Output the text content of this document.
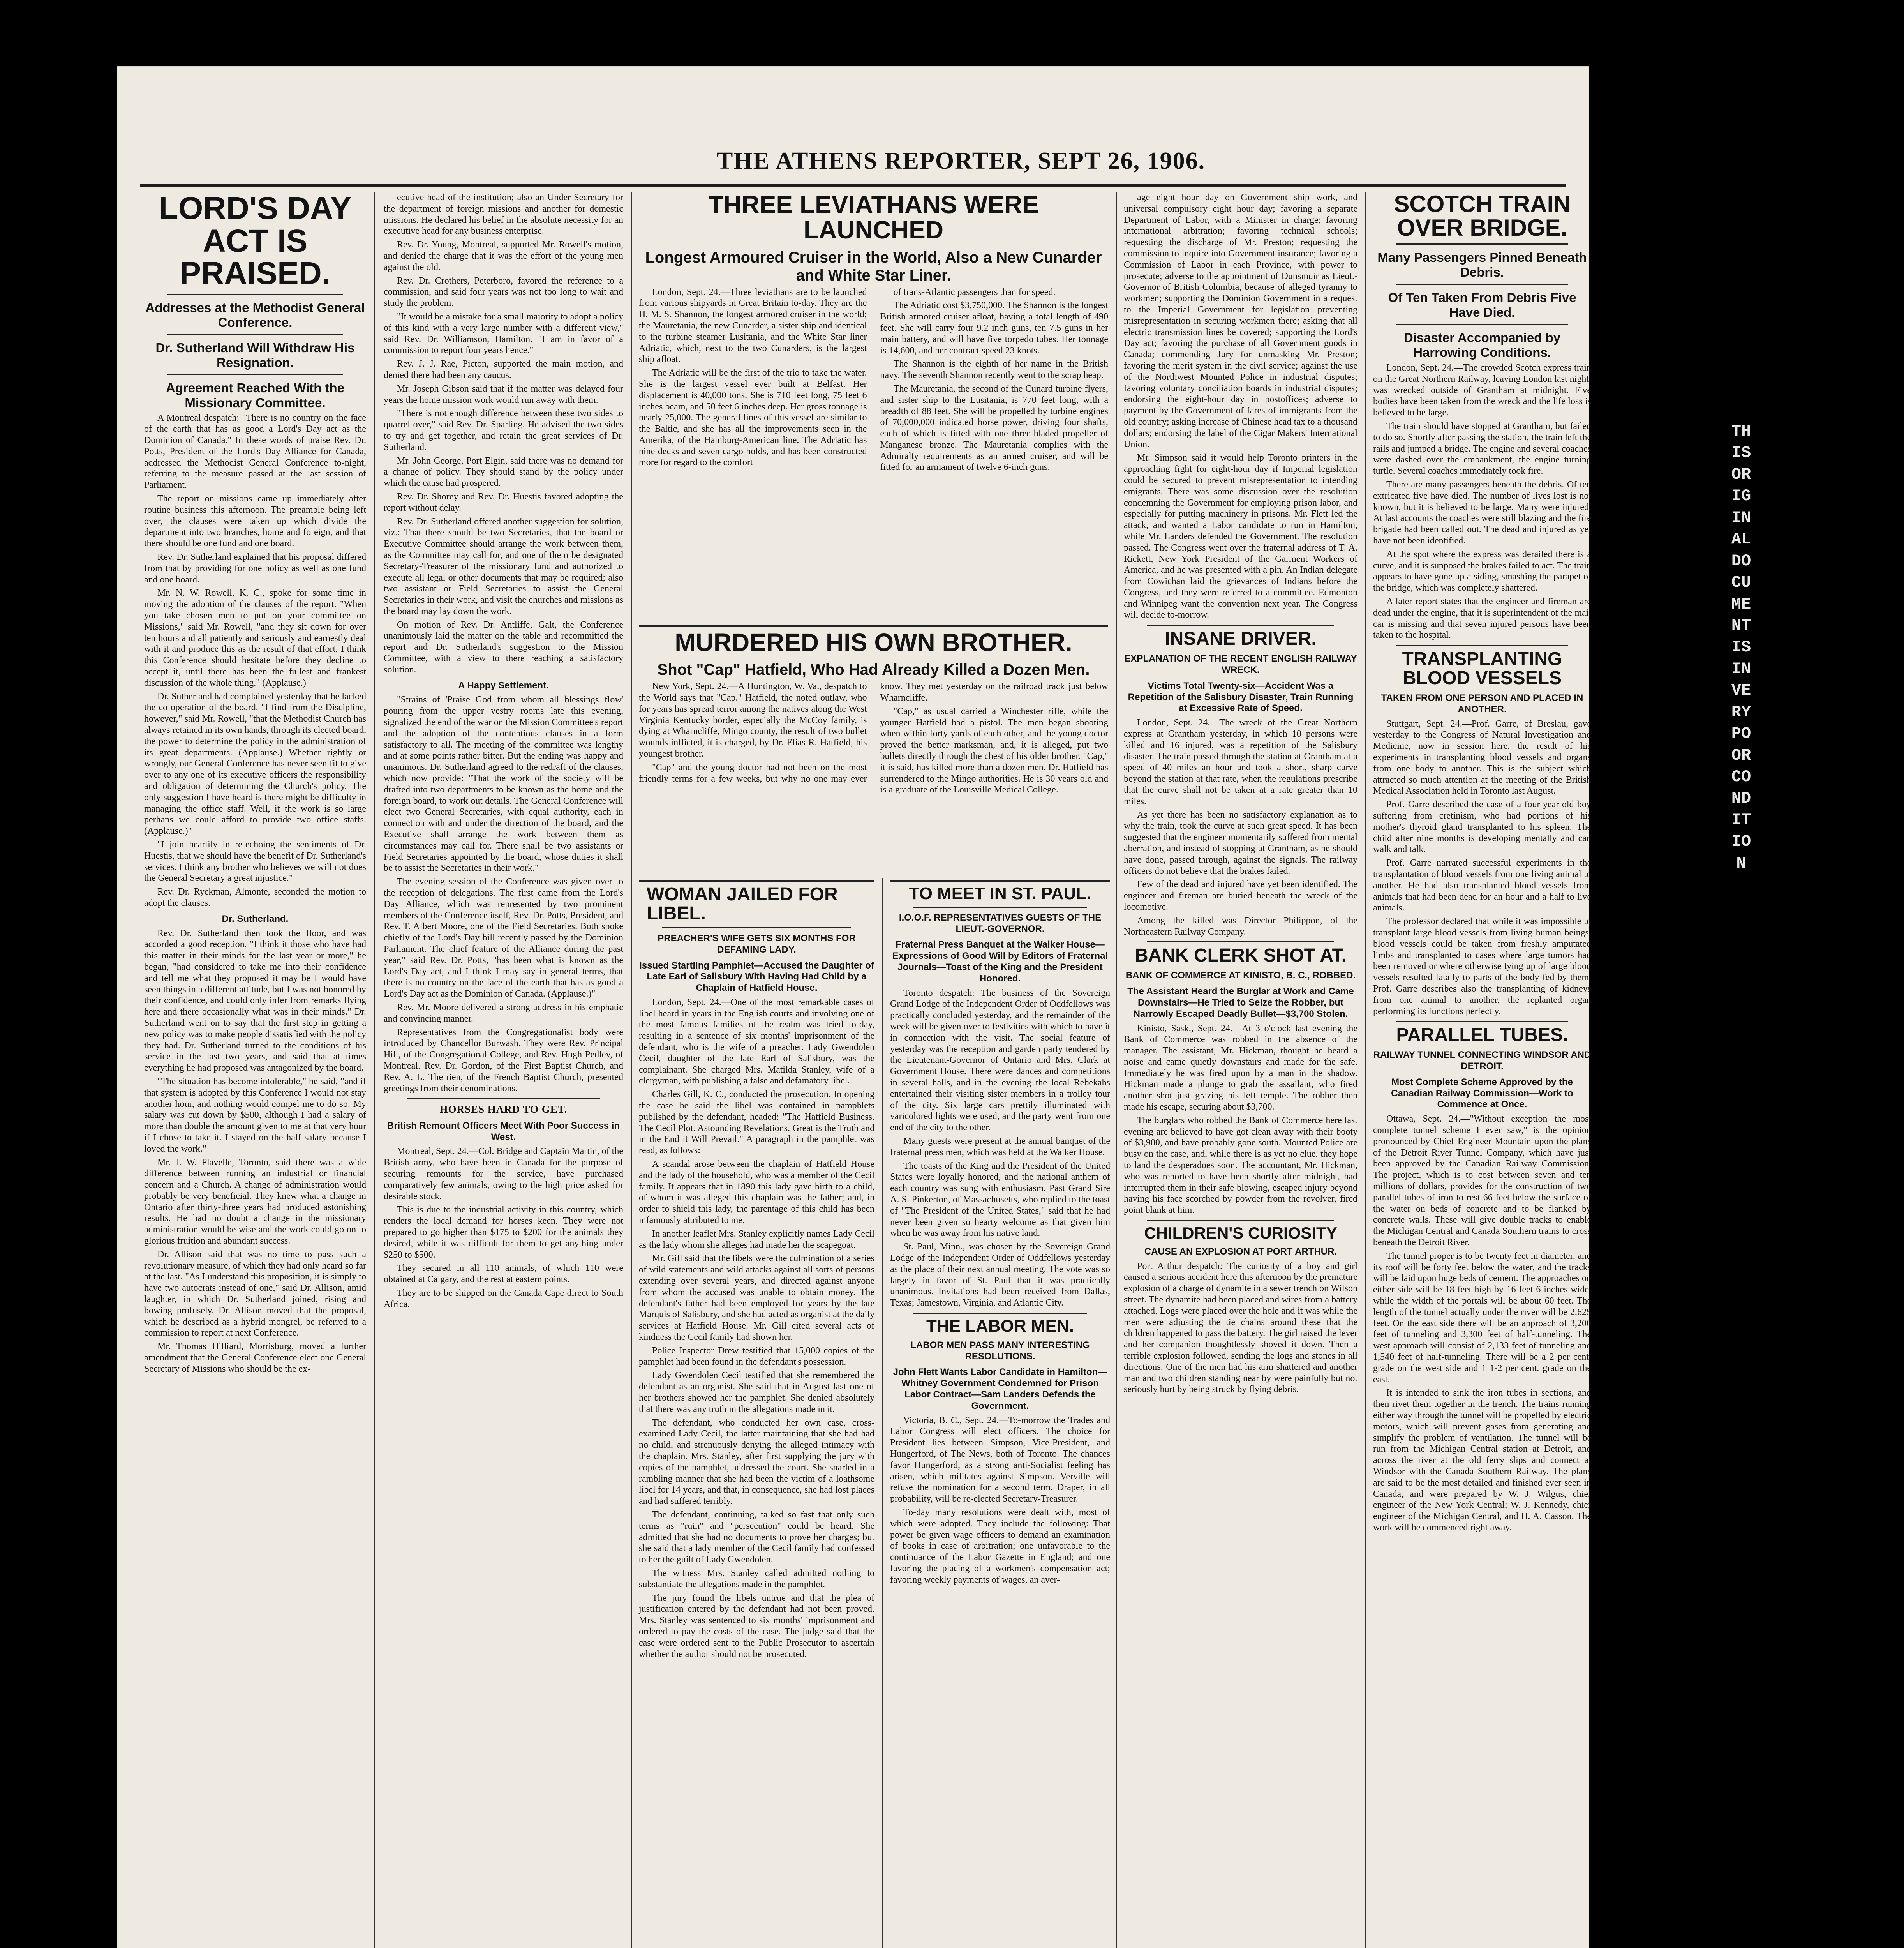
THE ATHENS REPORTER, SEPT 26, 1906.
LORD'S DAY ACT IS PRAISED.
Addresses at the Methodist General Conference.
Dr. Sutherland Will Withdraw His Resignation.
Agreement Reached With the Missionary Committee.

A Montreal despatch: "There is no country on the face of the earth that has as good a Lord's Day act as the Dominion of Canada." In these words of praise Rev. Dr. Potts, President of the Lord's Day Alliance for Canada, addressed the Methodist General Conference to-night, referring to the measure passed at the last session of Parliament.

The report on missions came up immediately after routine business this afternoon. The preamble being left over, the clauses were taken up which divide the department into two branches, home and foreign, and that there should be one fund and one board.

Rev. Dr. Sutherland explained that his proposal differed from that by providing for one policy as well as one fund and one board.

Mr. N. W. Rowell, K. C., spoke for some time in moving the adoption of the clauses of the report. "When you take chosen men to put on your committee on Missions," said Mr. Rowell, "and they sit down for over ten hours and all patiently and seriously and earnestly deal with it and produce this as the result of that effort, I think this Conference should hesitate before they decline to accept it, until there has been the fullest and frankest discussion of the whole thing." (Applause.)

Dr. Sutherland had complained yesterday that he lacked the co-operation of the board. "I find from the Discipline, however," said Mr. Rowell, "that the Methodist Church has always retained in its own hands, through its elected board, the power to determine the policy in the administration of its great departments. (Applause.) Whether rightly or wrongly, our General Conference has never seen fit to give over to any one of its executive officers the responsibility and obligation of determining the Church's policy. The only suggestion I have heard is there might be difficulty in managing the office staff. Well, if the work is so large perhaps we could afford to provide two office staffs. (Applause.)"

"I join heartily in re-echoing the sentiments of Dr. Huestis, that we should have the benefit of Dr. Sutherland's services. I think any brother who believes we will not does the General Secretary a great injustice."

Rev. Dr. Ryckman, Almonte, seconded the motion to adopt the clauses.

Dr. Sutherland.

Rev. Dr. Sutherland then took the floor, and was accorded a good reception. "I think it those who have had this matter in their minds for the last year or more," he began, "had considered to take me into their confidence and tell me what they proposed it may be I would have seen things in a different attitude, but I was not honored by their confidence, and could only infer from remarks flying here and there occasionally what was in their minds." Dr. Sutherland went on to say that the first step in getting a new policy was to make people dissatisfied with the policy they had. Dr. Sutherland turned to the conditions of his service in the last two years, and said that at times everything he had proposed was antagonized by the board.

"The situation has become intolerable," he said, "and if that system is adopted by this Conference I would not stay another hour, and nothing would compel me to do so. My salary was cut down by $500, although I had a salary of more than double the amount given to me at that very hour if I chose to take it. I stayed on the half salary because I loved the work."

Mr. J. W. Flavelle, Toronto, said there was a wide difference between running an industrial or financial concern and a Church. A change of administration would probably be very beneficial. They knew what a change in Ontario after thirty-three years had produced astonishing results. He had no doubt a change in the missionary administration would be wise and the work could go on to glorious fruition and abundant success.

Dr. Allison said that was no time to pass such a revolutionary measure, of which they had only heard so far at the last. "As I understand this proposition, it is simply to have two autocrats instead of one," said Dr. Allison, amid laughter, in which Dr. Sutherland joined, rising and bowing profusely. Dr. Allison moved that the proposal, which he described as a hybrid mongrel, be referred to a commission to report at next Conference.

Mr. Thomas Hilliard, Morrisburg, moved a further amendment that the General Conference elect one General Secretary of Missions who should be the ex-

ecutive head of the institution; also an Under Secretary for the department of foreign missions and another for domestic missions. He declared his belief in the absolute necessity for an executive head for any business enterprise.

Rev. Dr. Young, Montreal, supported Mr. Rowell's motion, and denied the charge that it was the effort of the young men against the old.

Rev. Dr. Crothers, Peterboro, favored the reference to a commission, and said four years was not too long to wait and study the problem.

"It would be a mistake for a small majority to adopt a policy of this kind with a very large number with a different view," said Rev. Dr. Williamson, Hamilton. "I am in favor of a commission to report four years hence."

Rev. J. J. Rae, Picton, supported the main motion, and denied there had been any caucus.

Mr. Joseph Gibson said that if the matter was delayed four years the home mission work would run away with them.

"There is not enough difference between these two sides to quarrel over," said Rev. Dr. Sparling. He advised the two sides to try and get together, and retain the great services of Dr. Sutherland.

Mr. John George, Port Elgin, said there was no demand for a change of policy. They should stand by the policy under which the cause had prospered.

Rev. Dr. Shorey and Rev. Dr. Huestis favored adopting the report without delay.

Rev. Dr. Sutherland offered another suggestion for solution, viz.: That there should be two Secretaries, that the board or Executive Committee should arrange the work between them, as the Committee may call for, and one of them be designated Secretary-Treasurer of the missionary fund and authorized to execute all legal or other documents that may be required; also two assistant or Field Secretaries to assist the General Secretaries in their work, and visit the churches and missions as the board may lay down the work.

On motion of Rev. Dr. Antliffe, Galt, the Conference unanimously laid the matter on the table and recommitted the report and Dr. Sutherland's suggestion to the Mission Committee, with a view to there reaching a satisfactory solution.

A Happy Settlement.

"Strains of 'Praise God from whom all blessings flow' pouring from the upper vestry rooms late this evening, signalized the end of the war on the Mission Committee's report and the adoption of the contentious clauses in a form satisfactory to all. The meeting of the committee was lengthy and at some points rather bitter. But the ending was happy and unanimous. Dr. Sutherland agreed to the redraft of the clauses, which now provide: "That the work of the society will be drafted into two departments to be known as the home and the foreign board, to work out details. The General Conference will elect two General Secretaries, with equal authority, each in connection with and under the direction of the board, and the Executive shall arrange the work between them as circumstances may call for. There shall be two assistants or Field Secretaries appointed by the board, whose duties it shall be to assist the Secretaries in their work."

The evening session of the Conference was given over to the reception of delegations. The first came from the Lord's Day Alliance, which was represented by two prominent members of the Conference itself, Rev. Dr. Potts, President, and Rev. T. Albert Moore, one of the Field Secretaries. Both spoke chiefly of the Lord's Day bill recently passed by the Dominion Parliament. The chief feature of the Alliance during the past year," said Rev. Dr. Potts, "has been what is known as the Lord's Day act, and I think I may say in general terms, that there is no country on the face of the earth that has as good a Lord's Day act as the Dominion of Canada. (Applause.)"

Rev. Mr. Moore delivered a strong address in his emphatic and convincing manner.

Representatives from the Congregationalist body were introduced by Chancellor Burwash. They were Rev. Principal Hill, of the Congregational College, and Rev. Hugh Pedley, of Montreal. Rev. Dr. Gordon, of the First Baptist Church, and Rev. A. L. Therrien, of the French Baptist Church, presented greetings from their denominations.

HORSES HARD TO GET.

British Remount Officers Meet With Poor Success in West.

Montreal, Sept. 24.—Col. Bridge and Captain Martin, of the British army, who have been in Canada for the purpose of securing remounts for the service, have purchased comparatively few animals, owing to the high price asked for desirable stock.

This is due to the industrial activity in this country, which renders the local demand for horses keen. They were not prepared to go higher than $175 to $200 for the animals they desired, while it was difficult for them to get anything under $250 to $500.

They secured in all 110 animals, of which 110 were obtained at Calgary, and the rest at eastern points.

They are to be shipped on the Canada Cape direct to South Africa.

THREE LEVIATHANS WERE LAUNCHED
Longest Armoured Cruiser in the World, Also a New Cunarder and White Star Liner.

London, Sept. 24.—Three leviathans are to be launched from various shipyards in Great Britain to-day. They are the H. M. S. Shannon, the longest armored cruiser in the world; the Mauretania, the new Cunarder, a sister ship and identical to the turbine steamer Lusitania, and the White Star liner Adriatic, which, next to the two Cunarders, is the largest ship afloat.

The Adriatic will be the first of the trio to take the water. She is the largest vessel ever built at Belfast. Her displacement is 40,000 tons. She is 710 feet long, 75 feet 6 inches beam, and 50 feet 6 inches deep. Her gross tonnage is nearly 25,000. The general lines of this vessel are similar to the Baltic, and she has all the improvements seen in the Amerika, of the Hamburg-American line. The Adriatic has nine decks and seven cargo holds, and has been constructed more for regard to the comfort

of trans-Atlantic passengers than for speed.

The Adriatic cost $3,750,000. The Shannon is the longest British armored cruiser afloat, having a total length of 490 feet. She will carry four 9.2 inch guns, ten 7.5 guns in her main battery, and will have five torpedo tubes. Her tonnage is 14,600, and her contract speed 23 knots.

The Shannon is the eighth of her name in the British navy. The seventh Shannon recently went to the scrap heap.

The Mauretania, the second of the Cunard turbine flyers, and sister ship to the Lusitania, is 770 feet long, with a breadth of 88 feet. She will be propelled by turbine engines of 70,000,000 indicated horse power, driving four shafts, each of which is fitted with one three-bladed propeller of Manganese bronze. The Mauretania complies with the Admiralty requirements as an armed cruiser, and will be fitted for an armament of twelve 6-inch guns.

MURDERED HIS OWN BROTHER.
Shot "Cap" Hatfield, Who Had Already Killed a Dozen Men.

New York, Sept. 24.—A Huntington, W. Va., despatch to the World says that "Cap." Hatfield, the noted outlaw, who for years has spread terror among the natives along the West Virginia Kentucky border, especially the McCoy family, is dying at Wharncliffe, Mingo county, the result of two bullet wounds inflicted, it is charged, by Dr. Elias R. Hatfield, his youngest brother.

"Cap" and the young doctor had not been on the most friendly terms for a few weeks, but why no one may ever know. They met yesterday on the railroad track just below Wharncliffe.

"Cap," as usual carried a Winchester rifle, while the younger Hatfield had a pistol. The men began shooting when within forty yards of each other, and the young doctor proved the better marksman, and, it is alleged, put two bullets directly through the chest of his older brother. "Cap," it is said, has killed more than a dozen men. Dr. Hatfield has surrendered to the Mingo authorities. He is 30 years old and is a graduate of the Louisville Medical College.

WOMAN JAILED FOR LIBEL.

PREACHER'S WIFE GETS SIX MONTHS FOR DEFAMING LADY.

Issued Startling Pamphlet—Accused the Daughter of Late Earl of Salisbury With Having Had Child by a Chaplain of Hatfield House.

London, Sept. 24.—One of the most remarkable cases of libel heard in years in the English courts and involving one of the most famous families of the realm was tried to-day, resulting in a sentence of six months' imprisonment of the defendant, who is the wife of a preacher. Lady Gwendolen Cecil, daughter of the late Earl of Salisbury, was the complainant. She charged Mrs. Matilda Stanley, wife of a clergyman, with publishing a false and defamatory libel.

Charles Gill, K. C., conducted the prosecution. In opening the case he said the libel was contained in pamphlets published by the defendant, headed: "The Hatfield Business. The Cecil Plot. Astounding Revelations. Great is the Truth and in the End it Will Prevail." A paragraph in the pamphlet was read, as follows:

A scandal arose between the chaplain of Hatfield House and the lady of the household, who was a member of the Cecil family. It appears that in 1890 this lady gave birth to a child, of whom it was alleged this chaplain was the father; and, in order to shield this lady, the parentage of this child has been infamously attributed to me.

In another leaflet Mrs. Stanley explicitly names Lady Cecil as the lady whom she alleges had made her the scapegoat.

Mr. Gill said that the libels were the culmination of a series of wild statements and wild attacks against all sorts of persons extending over several years, and directed against anyone from whom the accused was unable to obtain money. The defendant's father had been employed for years by the late Marquis of Salisbury, and she had acted as organist at the daily services at Hatfield House. Mr. Gill cited several acts of kindness the Cecil family had shown her.

Police Inspector Drew testified that 15,000 copies of the pamphlet had been found in the defendant's possession.

Lady Gwendolen Cecil testified that she remembered the defendant as an organist. She said that in August last one of her brothers showed her the pamphlet. She denied absolutely that there was any truth in the allegations made in it.

The defendant, who conducted her own case, cross-examined Lady Cecil, the latter maintaining that she had had no child, and strenuously denying the alleged intimacy with the chaplain. Mrs. Stanley, after first supplying the jury with copies of the pamphlet, addressed the court. She snarled in a rambling manner that she had been the victim of a loathsome libel for 14 years, and that, in consequence, she had lost places and had suffered terribly.

The defendant, continuing, talked so fast that only such terms as "ruin" and "persecution" could be heard. She admitted that she had no documents to prove her charges; but she said that a lady member of the Cecil family had confessed to her the guilt of Lady Gwendolen.

The witness Mrs. Stanley called admitted nothing to substantiate the allegations made in the pamphlet.

The jury found the libels untrue and that the plea of justification entered by the defendant had not been proved. Mrs. Stanley was sentenced to six months' imprisonment and ordered to pay the costs of the case. The judge said that the case were ordered sent to the Public Prosecutor to ascertain whether the author should not be prosecuted.

TO MEET IN ST. PAUL.

I.O.O.F. REPRESENTATIVES GUESTS OF THE LIEUT.-GOVERNOR.

Fraternal Press Banquet at the Walker House—Expressions of Good Will by Editors of Fraternal Journals—Toast of the King and the President Honored.

Toronto despatch: The business of the Sovereign Grand Lodge of the Independent Order of Oddfellows was practically concluded yesterday, and the remainder of the week will be given over to festivities with which to have it in connection with the visit. The social feature of yesterday was the reception and garden party tendered by the Lieutenant-Governor of Ontario and Mrs. Clark at Government House. There were dances and competitions in several halls, and in the evening the local Rebekahs entertained their visiting sister members in a trolley tour of the city. Six large cars prettily illuminated with varicolored lights were used, and the party went from one end of the city to the other.

Many guests were present at the annual banquet of the fraternal press men, which was held at the Walker House.

The toasts of the King and the President of the United States were loyally honored, and the national anthem of each country was sung with enthusiasm. Past Grand Sire A. S. Pinkerton, of Massachusetts, who replied to the toast of "The President of the United States," said that he had never been given so hearty welcome as that given him when he was away from his native land.

St. Paul, Minn., was chosen by the Sovereign Grand Lodge of the Independent Order of Oddfellows yesterday as the place of their next annual meeting. The vote was so largely in favor of St. Paul that it was practically unanimous. Invitations had been received from Dallas, Texas; Jamestown, Virginia, and Atlantic City.

THE LABOR MEN.

LABOR MEN PASS MANY INTERESTING RESOLUTIONS.

John Flett Wants Labor Candidate in Hamilton—Whitney Government Condemned for Prison Labor Contract—Sam Landers Defends the Government.

Victoria, B. C., Sept. 24.—To-morrow the Trades and Labor Congress will elect officers. The choice for President lies between Simpson, Vice-President, and Hungerford, of The News, both of Toronto. The chances favor Hungerford, as a strong anti-Socialist feeling has arisen, which militates against Simpson. Verville will refuse the nomination for a second term. Draper, in all probability, will be re-elected Secretary-Treasurer.

To-day many resolutions were dealt with, most of which were adopted. They include the following: That power be given wage officers to demand an examination of books in case of arbitration; one unfavorable to the continuance of the Labor Gazette in England; and one favoring the placing of a workmen's compensation act; favoring weekly payments of wages, an aver-

age eight hour day on Government ship work, and universal compulsory eight hour day; favoring a separate Department of Labor, with a Minister in charge; favoring international arbitration; favoring technical schools; requesting the discharge of Mr. Preston; requesting the commission to inquire into Government insurance; favoring a Commission of Labor in each Province, with power to prosecute; adverse to the appointment of Dunsmuir as Lieut.-Governor of British Columbia, because of alleged tyranny to workmen; supporting the Dominion Government in a request to the Imperial Government for legislation preventing misrepresentation in securing workmen there; asking that all electric transmission lines be covered; supporting the Lord's Day act; favoring the purchase of all Government goods in Canada; commending Jury for unmasking Mr. Preston; favoring the merit system in the civil service; against the use of the Northwest Mounted Police in industrial disputes; favoring voluntary conciliation boards in industrial disputes; endorsing the eight-hour day in postoffices; adverse to payment by the Government of fares of immigrants from the old country; asking increase of Chinese head tax to a thousand dollars; endorsing the label of the Cigar Makers' International Union.

Mr. Simpson said it would help Toronto printers in the approaching fight for eight-hour day if Imperial legislation could be secured to prevent misrepresentation to intending emigrants. There was some discussion over the resolution condemning the Government for employing prison labor, and especially for putting machinery in prisons. Mr. Flett led the attack, and wanted a Labor candidate to run in Hamilton, while Mr. Landers defended the Government. The resolution passed. The Congress went over the fraternal address of T. A. Rickett, New York President of the Garment Workers of America, and he was presented with a pin. An Indian delegate from Cowichan laid the grievances of Indians before the Congress, and they were referred to a committee. Edmonton and Winnipeg want the convention next year. The Congress will decide to-morrow.

INSANE DRIVER.

EXPLANATION OF THE RECENT ENGLISH RAILWAY WRECK.

Victims Total Twenty-six—Accident Was a Repetition of the Salisbury Disaster, Train Running at Excessive Rate of Speed.

London, Sept. 24.—The wreck of the Great Northern express at Grantham yesterday, in which 10 persons were killed and 16 injured, was a repetition of the Salisbury disaster. The train passed through the station at Grantham at a speed of 40 miles an hour and took a short, sharp curve beyond the station at that rate, when the regulations prescribe that the curve shall not be taken at a rate greater than 10 miles.

As yet there has been no satisfactory explanation as to why the train, took the curve at such great speed. It has been suggested that the engineer momentarily suffered from mental aberration, and instead of stopping at Grantham, as he should have done, passed through, against the signals. The railway officers do not believe that the brakes failed.

Few of the dead and injured have yet been identified. The engineer and fireman are buried beneath the wreck of the locomotive.

Among the killed was Director Philippon, of the Northeastern Railway Company.

BANK CLERK SHOT AT.

BANK OF COMMERCE AT KINISTO, B. C., ROBBED.

The Assistant Heard the Burglar at Work and Came Downstairs—He Tried to Seize the Robber, but Narrowly Escaped Deadly Bullet—$3,700 Stolen.

Kinisto, Sask., Sept. 24.—At 3 o'clock last evening the Bank of Commerce was robbed in the absence of the manager. The assistant, Mr. Hickman, thought he heard a noise and came quietly downstairs and made for the safe. Immediately he was fired upon by a man in the shadow. Hickman made a plunge to grab the assailant, who fired another shot just grazing his left temple. The robber then made his escape, securing about $3,700.

The burglars who robbed the Bank of Commerce here last evening are believed to have got clean away with their booty of $3,900, and have probably gone south. Mounted Police are busy on the case, and, while there is as yet no clue, they hope to land the desperadoes soon. The accountant, Mr. Hickman, who was reported to have been shortly after midnight, had interrupted them in their safe blowing, escaped injury beyond having his face scorched by powder from the revolver, fired point blank at him.

CHILDREN'S CURIOSITY

CAUSE AN EXPLOSION AT PORT ARTHUR.

Port Arthur despatch: The curiosity of a boy and girl caused a serious accident here this afternoon by the premature explosion of a charge of dynamite in a sewer trench on Wilson street. The dynamite had been placed and wires from a battery attached. Logs were placed over the hole and it was while the men were adjusting the tie chains around these that the children happened to pass the battery. The girl raised the lever and her companion thoughtlessly shoved it down. Then a terrible explosion followed, sending the logs and stones in all directions. One of the men had his arm shattered and another man and two children standing near by were painfully but not seriously hurt by being struck by flying debris.

SCOTCH TRAIN OVER BRIDGE.
Many Passengers Pinned Beneath Debris.
Of Ten Taken From Debris Five Have Died.
Disaster Accompanied by Harrowing Conditions.

London, Sept. 24.—The crowded Scotch express train on the Great Northern Railway, leaving London last night, was wrecked outside of Grantham at midnight. Five bodies have been taken from the wreck and the life loss is believed to be large.

The train should have stopped at Grantham, but failed to do so. Shortly after passing the station, the train left the rails and jumped a bridge. The engine and several coaches were dashed over the embankment, the engine turning turtle. Several coaches immediately took fire.

There are many passengers beneath the debris. Of ten extricated five have died. The number of lives lost is not known, but it is believed to be large. Many were injured. At last accounts the coaches were still blazing and the fire brigade had been called out. The dead and injured as yet have not been identified.

At the spot where the express was derailed there is a curve, and it is supposed the brakes failed to act. The train appears to have gone up a siding, smashing the parapet of the bridge, which was completely shattered.

A later report states that the engineer and fireman are dead under the engine, that it is superintendent of the mail car is missing and that seven injured persons have been taken to the hospital.

TRANSPLANTING BLOOD VESSELS

TAKEN FROM ONE PERSON AND PLACED IN ANOTHER.

Stuttgart, Sept. 24.—Prof. Garre, of Breslau, gave yesterday to the Congress of Natural Investigation and Medicine, now in session here, the result of his experiments in transplanting blood vessels and organs from one body to another. This is the subject which attracted so much attention at the meeting of the British Medical Association held in Toronto last August.

Prof. Garre described the case of a four-year-old boy suffering from cretinism, who had portions of his mother's thyroid gland transplanted to his spleen. The child after nine months is developing mentally and can walk and talk.

Prof. Garre narrated successful experiments in the transplantation of blood vessels from one living animal to another. He had also transplanted blood vessels from animals that had been dead for an hour and a half to live animals.

The professor declared that while it was impossible to transplant large blood vessels from living human beings, blood vessels could be taken from freshly amputated limbs and transplanted to cases where large tumors had been removed or where otherwise tying up of large blood vessels resulted fatally to parts of the body fed by them. Prof. Garre describes also the transplanting of kidneys from one animal to another, the replanted organ performing its functions perfectly.

PARALLEL TUBES.

RAILWAY TUNNEL CONNECTING WINDSOR AND DETROIT.

Most Complete Scheme Approved by the Canadian Railway Commission—Work to Commence at Once.

Ottawa, Sept. 24.—"Without exception the most complete tunnel scheme I ever saw," is the opinion pronounced by Chief Engineer Mountain upon the plans of the Detroit River Tunnel Company, which have just been approved by the Canadian Railway Commission. The project, which is to cost between seven and ten millions of dollars, provides for the construction of two parallel tubes of iron to rest 66 feet below the surface of the water on beds of concrete and to be flanked by concrete walls. These will give double tracks to enable the Michigan Central and Canada Southern trains to cross beneath the Detroit River.

The tunnel proper is to be twenty feet in diameter, and its roof will be forty feet below the water, and the tracks will be laid upon huge beds of cement. The approaches on either side will be 18 feet high by 16 feet 6 inches wide, while the width of the portals will be about 60 feet. The length of the tunnel actually under the river will be 2,625 feet. On the east side there will be an approach of 3,200 feet of tunneling and 3,300 feet of half-tunneling. The west approach will consist of 2,133 feet of tunneling and 1,540 feet of half-tunneling. There will be a 2 per cent. grade on the west side and 1 1-2 per cent. grade on the east.

It is intended to sink the iron tubes in sections, and then rivet them together in the trench. The trains running either way through the tunnel will be propelled by electric motors, which will prevent gases from generating and simplify the problem of ventilation. The tunnel will be run from the Michigan Central station at Detroit, and across the river at the old ferry slips and connect at Windsor with the Canada Southern Railway. The plans are said to be the most detailed and finished ever seen in Canada, and were prepared by W. J. Wilgus, chief engineer of the New York Central; W. J. Kennedy, chief engineer of the Michigan Central, and H. A. Casson. The work will be commenced right away.

THIS ORIGINAL DOCUMENT IS IN VERY POOR CONDITION
